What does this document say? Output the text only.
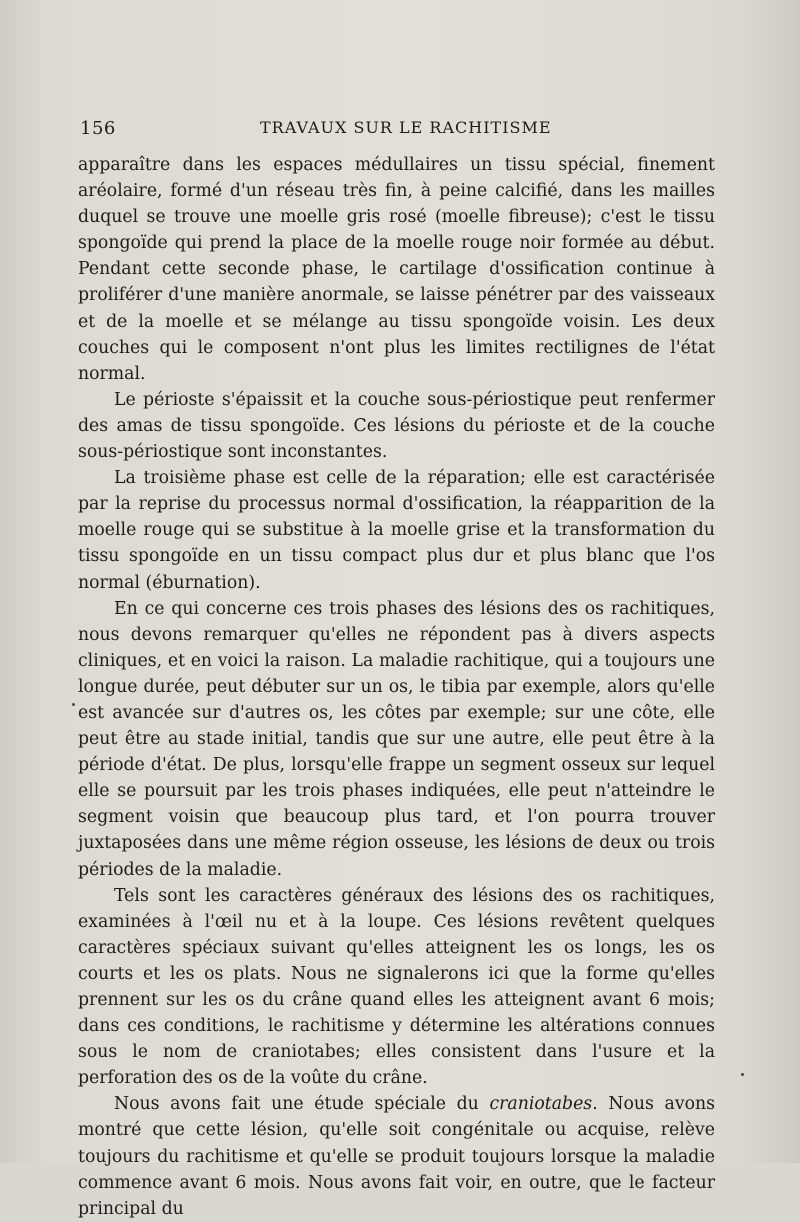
156	TRAVAUX SUR LE RACHITISME

apparaître dans les espaces médullaires un tissu spécial, finement aréolaire, formé d'un réseau très fin, à peine calcifié, dans les mailles duquel se trouve une moelle gris rosé (moelle fibreuse); c'est le tissu spongoïde qui prend la place de la moelle rouge noir formée au début. Pendant cette seconde phase, le cartilage d'ossification continue à proliférer d'une manière anormale, se laisse pénétrer par des vaisseaux et de la moelle et se mélange au tissu spongoïde voisin. Les deux couches qui le composent n'ont plus les limites rectilignes de l'état normal.

Le périoste s'épaissit et la couche sous-périostique peut renfermer des amas de tissu spongoïde. Ces lésions du périoste et de la couche sous-périostique sont inconstantes.

La troisième phase est celle de la réparation; elle est caractérisée par la reprise du processus normal d'ossification, la réapparition de la moelle rouge qui se substitue à la moelle grise et la transformation du tissu spongoïde en un tissu compact plus dur et plus blanc que l'os normal (éburnation).

En ce qui concerne ces trois phases des lésions des os rachitiques, nous devons remarquer qu'elles ne répondent pas à divers aspects cliniques, et en voici la raison. La maladie rachitique, qui a toujours une longue durée, peut débuter sur un os, le tibia par exemple, alors qu'elle est avancée sur d'autres os, les côtes par exemple; sur une côte, elle peut être au stade initial, tandis que sur une autre, elle peut être à la période d'état. De plus, lorsqu'elle frappe un segment osseux sur lequel elle se poursuit par les trois phases indiquées, elle peut n'atteindre le segment voisin que beaucoup plus tard, et l'on pourra trouver juxtaposées dans une même région osseuse, les lésions de deux ou trois périodes de la maladie.

Tels sont les caractères généraux des lésions des os rachitiques, examinées à l'œil nu et à la loupe. Ces lésions revêtent quelques caractères spéciaux suivant qu'elles atteignent les os longs, les os courts et les os plats. Nous ne signalerons ici que la forme qu'elles prennent sur les os du crâne quand elles les atteignent avant 6 mois; dans ces conditions, le rachitisme y détermine les altérations connues sous le nom de craniotabes; elles consistent dans l'usure et la perforation des os de la voûte du crâne.

Nous avons fait une étude spéciale du craniotabes. Nous avons montré que cette lésion, qu'elle soit congénitale ou acquise, relève toujours du rachitisme et qu'elle se produit toujours lorsque la maladie commence avant 6 mois. Nous avons fait voir, en outre, que le facteur principal du
